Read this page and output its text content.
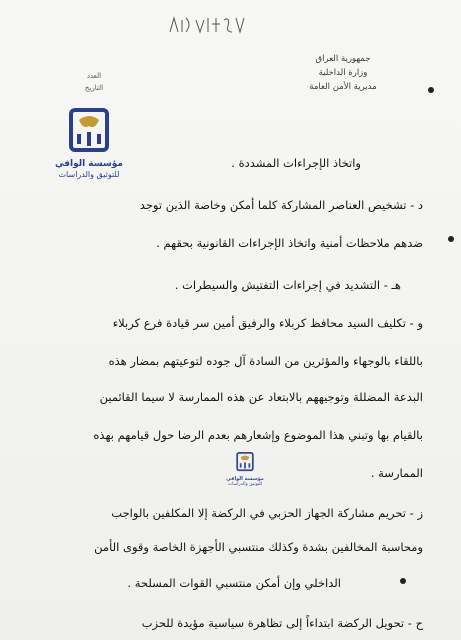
جمهورية العراق
وزارة الداخلية
مديرية الأمن العامة
العدد
التاريخ
مؤسسة الوافي
للتوثيق والدراسات
واتخاذ الإجراءات المشددة .
د - تشخيص العناصر المشاركة كلما أمكن وخاصة الذين توجد
ضدهم ملاحظات أمنية واتخاذ الإجراءات القانونية بحقهم .
هـ - التشديد في إجراءات التفتيش والسيطرات .
و - تكليف السيد محافظ كربلاء والرفيق أمين سر قيادة فرع كربلاء
باللقاء بالوجهاء والمؤثرين من السادة آل جوده لتوعيتهم بمضار هذه
البدعة المضللة وتوجيههم بالابتعاد عن هذه الممارسة لا سيما القائمين
بالقيام بها وتبني هذا الموضوع وإشعارهم بعدم الرضا حول قيامهم بهذه
الممارسة .
ز - تحريم مشاركة الجهاز الحزبي في الركضة إلا المكلفين بالواجب
ومحاسبة المخالفين بشدة وكذلك منتسبي الأجهزة الخاصة وقوى الأمن
الداخلي وإن أمكن منتسبي القوات المسلحة .
ح - تحويل الركضة ابتداءاً إلى تظاهرة سياسية مؤيدة للحزب
مؤسسة الوافي
للتوثيق والدراسات
